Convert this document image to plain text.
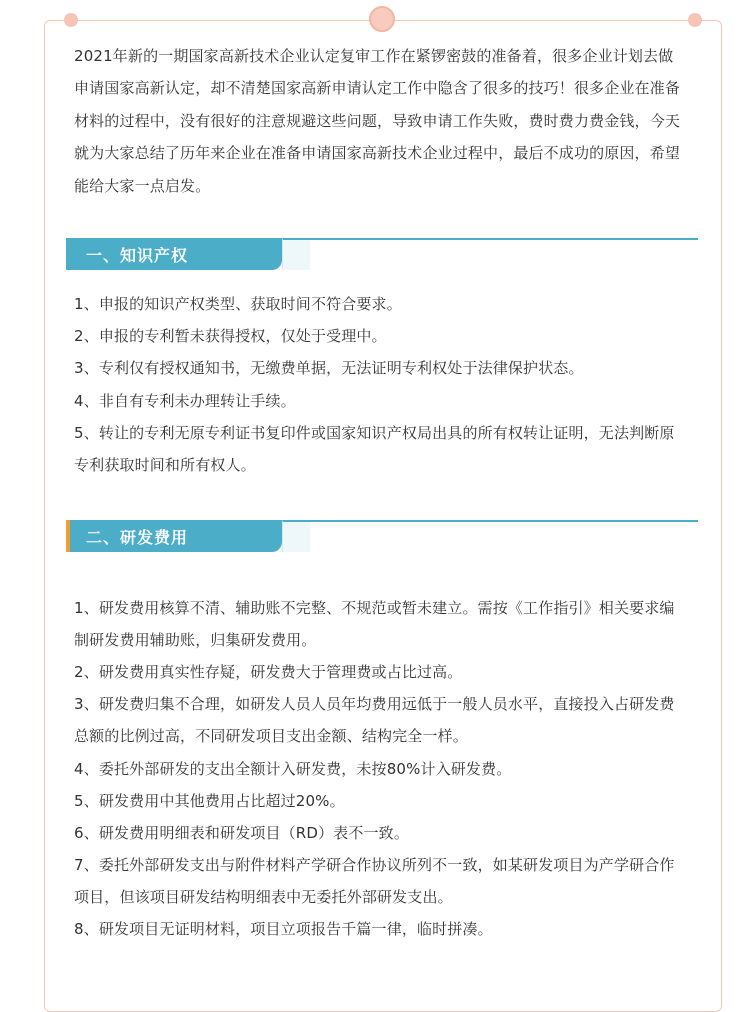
2021年新的一期国家高新技术企业认定复审工作在紧锣密鼓的准备着，很多企业计划去做申请国家高新认定，却不清楚国家高新申请认定工作中隐含了很多的技巧！很多企业在准备材料的过程中，没有很好的注意规避这些问题，导致申请工作失败，费时费力费金钱，今天就为大家总结了历年来企业在准备申请国家高新技术企业过程中，最后不成功的原因，希望能给大家一点启发。
一、知识产权
1、申报的知识产权类型、获取时间不符合要求。
2、申报的专利暂未获得授权，仅处于受理中。
3、专利仅有授权通知书，无缴费单据，无法证明专利权处于法律保护状态。
4、非自有专利未办理转让手续。
5、转让的专利无原专利证书复印件或国家知识产权局出具的所有权转让证明，无法判断原专利获取时间和所有权人。
二、研发费用
1、研发费用核算不清、辅助账不完整、不规范或暂未建立。需按《工作指引》相关要求编制研发费用辅助账，归集研发费用。
2、研发费用真实性存疑，研发费大于管理费或占比过高。
3、研发费归集不合理，如研发人员人员年均费用远低于一般人员水平，直接投入占研发费总额的比例过高，不同研发项目支出金额、结构完全一样。
4、委托外部研发的支出全额计入研发费，未按80%计入研发费。
5、研发费用中其他费用占比超过20%。
6、研发费用明细表和研发项目（RD）表不一致。
7、委托外部研发支出与附件材料产学研合作协议所列不一致，如某研发项目为产学研合作项目，但该项目研发结构明细表中无委托外部研发支出。
8、研发项目无证明材料，项目立项报告千篇一律，临时拼凑。
